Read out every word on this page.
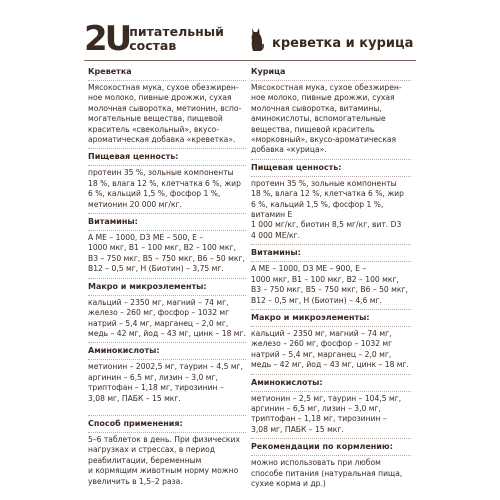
2U питательный
состав	креветка и курица
Креветка
Мясокостная мука, сухое обезжирен-
ное молоко, пивные дрожжи, сухая
молочная сыворотка, метионин, вспо-
могательные вещества, пищевой
краситель «свекольный», вкусо-
ароматическая добавка «креветка».
Пищевая ценность:
протеин 35 %, зольные компоненты
18 %, влага 12 %, клетчатка 6 %, жир
6 %, кальций 1,5 %, фосфор 1 %,
метионин 20 000 мг/кг.
Витамины:
А МЕ – 1000, D3 МЕ – 500, Е –
1000 мкг, В1 – 100 мкг, В2 – 100 мкг,
В3 – 750 мкг, В5 – 750 мкг, В6 – 50 мкг,
В12 – 0,5 мг, Н (Биотин) – 3,75 мг.
Макро и микроэлементы:
кальций – 2350 мг, магний – 74 мг,
железо – 260 мг, фосфор – 1032 мг
натрий – 5,4 мг, марганец – 2,0 мг,
медь – 42 мг, йод – 43 мг, цинк – 18 мг.
Аминокислоты:
метионин – 2002,5 мг, таурин – 4,5 мг,
аргинин – 6,5 мг, лизин – 3,0 мг,
триптофан – 1,18 мг, тирозинин –
3,08 мг, ПАБК – 15 мкг.
Способ применения:
5–6 таблеток в день. При физических
нагрузках и стрессах, в период
реабилитации, беременным
и кормящим животным норму можно
увеличить в 1,5–2 раза.
Курица
Мясокостная мука, сухое обезжирен-
ное молоко, пивные дрожжи, сухая
молочная сыворотка, витамины,
аминокислоты, вспомогательные
вещества, пищевой краситель
«морковный», вкусо-ароматическая
добавка «курица».
Пищевая ценность:
протеин 35 %, зольные компоненты
18 %, влага 12 %, клетчатка 6 %, жир
6 %, кальций 1,5 %, фосфор 1 %, витамин Е
1 000 мг/кг, биотин 8,5 мг/кг, вит. D3
4 000 МЕ/кг.
Витамины:
А МЕ – 1000, D3 МЕ – 900, Е –
1000 мкг, В1 – 100 мкг, В2 – 100 мкг,
В3 – 750 мкг, В5 – 750 мкг, В6 – 50 мкг,
В12 – 0,5 мг, Н (Биотин) – 4,6 мг.
Макро и микроэлементы:
кальций – 2350 мг, магний – 74 мг,
железо – 260 мг, фосфор – 1032 мг
натрий – 5,4 мг, марганец – 2,0 мг,
медь – 42 мг, йод – 43 мг, цинк – 18 мг.
Аминокислоты:
метионин – 2,5 мг, таурин – 104,5 мг,
аргинин – 6,5 мг, лизин – 3,0 мг,
триптофан – 1,18 мг, тирозинин –
3,08 мг, ПАБК – 15 мкг.
Рекомендации по кормлению:
можно использовать при любом
способе питания (натуральная пища,
сухие корма и др.)
